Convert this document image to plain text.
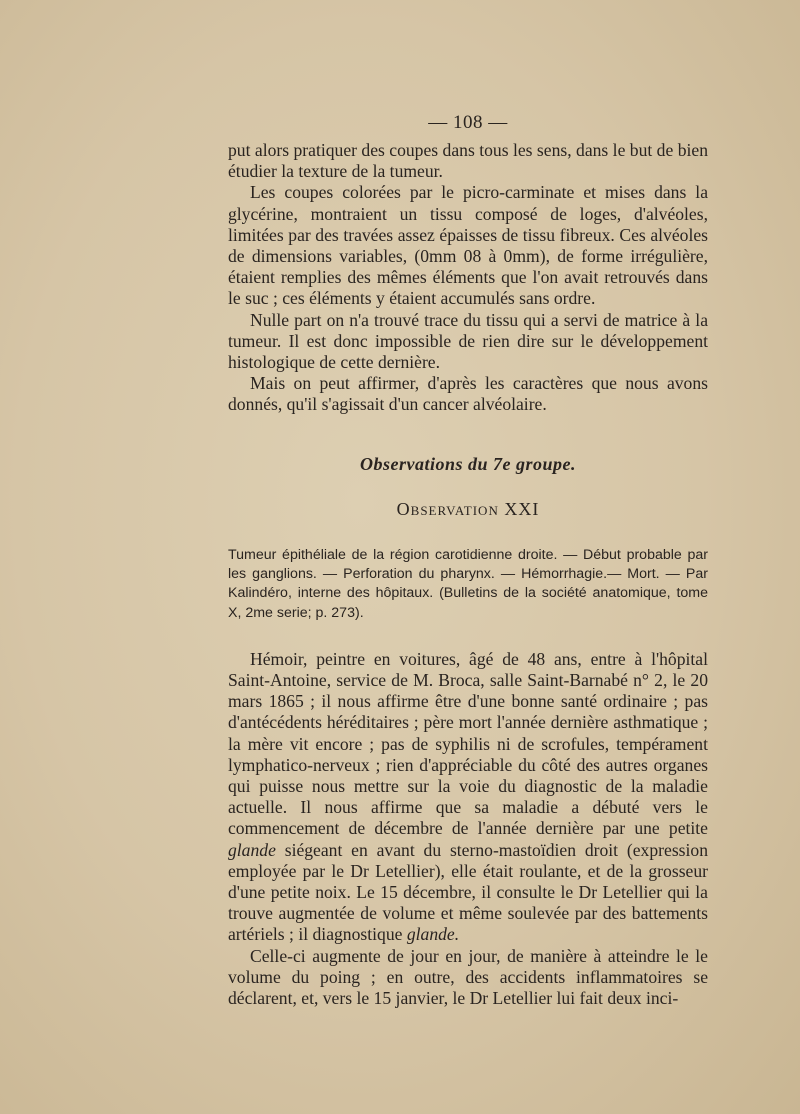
— 108 —

put alors pratiquer des coupes dans tous les sens, dans le but de bien étudier la texture de la tumeur.

Les coupes colorées par le picro-carminate et mises dans la glycérine, montraient un tissu composé de loges, d'alvéoles, limitées par des travées assez épaisses de tissu fibreux. Ces alvéoles de dimensions variables, (0mm 08 à 0mm), de forme irrégulière, étaient remplies des mêmes éléments que l'on avait retrouvés dans le suc ; ces éléments y étaient accumulés sans ordre.

Nulle part on n'a trouvé trace du tissu qui a servi de matrice à la tumeur. Il est donc impossible de rien dire sur le développement histologique de cette dernière.

Mais on peut affirmer, d'après les caractères que nous avons donnés, qu'il s'agissait d'un cancer alvéolaire.

Observations du 7e groupe.
Observation XXI

Tumeur épithéliale de la région carotidienne droite. — Début probable par les ganglions. — Perforation du pharynx. — Hémorrhagie.— Mort. — Par Kalindéro, interne des hôpitaux. (Bulletins de la société anatomique, tome X, 2me serie; p. 273).

Hémoir, peintre en voitures, âgé de 48 ans, entre à l'hôpital Saint-Antoine, service de M. Broca, salle Saint-Barnabé n° 2, le 20 mars 1865 ; il nous affirme être d'une bonne santé ordinaire ; pas d'antécédents héréditaires ; père mort l'année dernière asthmatique ; la mère vit encore ; pas de syphilis ni de scrofules, tempérament lymphatico-nerveux ; rien d'appréciable du côté des autres organes qui puisse nous mettre sur la voie du diagnostic de la maladie actuelle. Il nous affirme que sa maladie a débuté vers le commencement de décembre de l'année dernière par une petite glande siégeant en avant du sterno-mastoïdien droit (expression employée par le Dr Letellier), elle était roulante, et de la grosseur d'une petite noix. Le 15 décembre, il consulte le Dr Letellier qui la trouve augmentée de volume et même soulevée par des battements artériels ; il diagnostique glande.

Celle-ci augmente de jour en jour, de manière à atteindre le le volume du poing ; en outre, des accidents inflammatoires se déclarent, et, vers le 15 janvier, le Dr Letellier lui fait deux inci-
